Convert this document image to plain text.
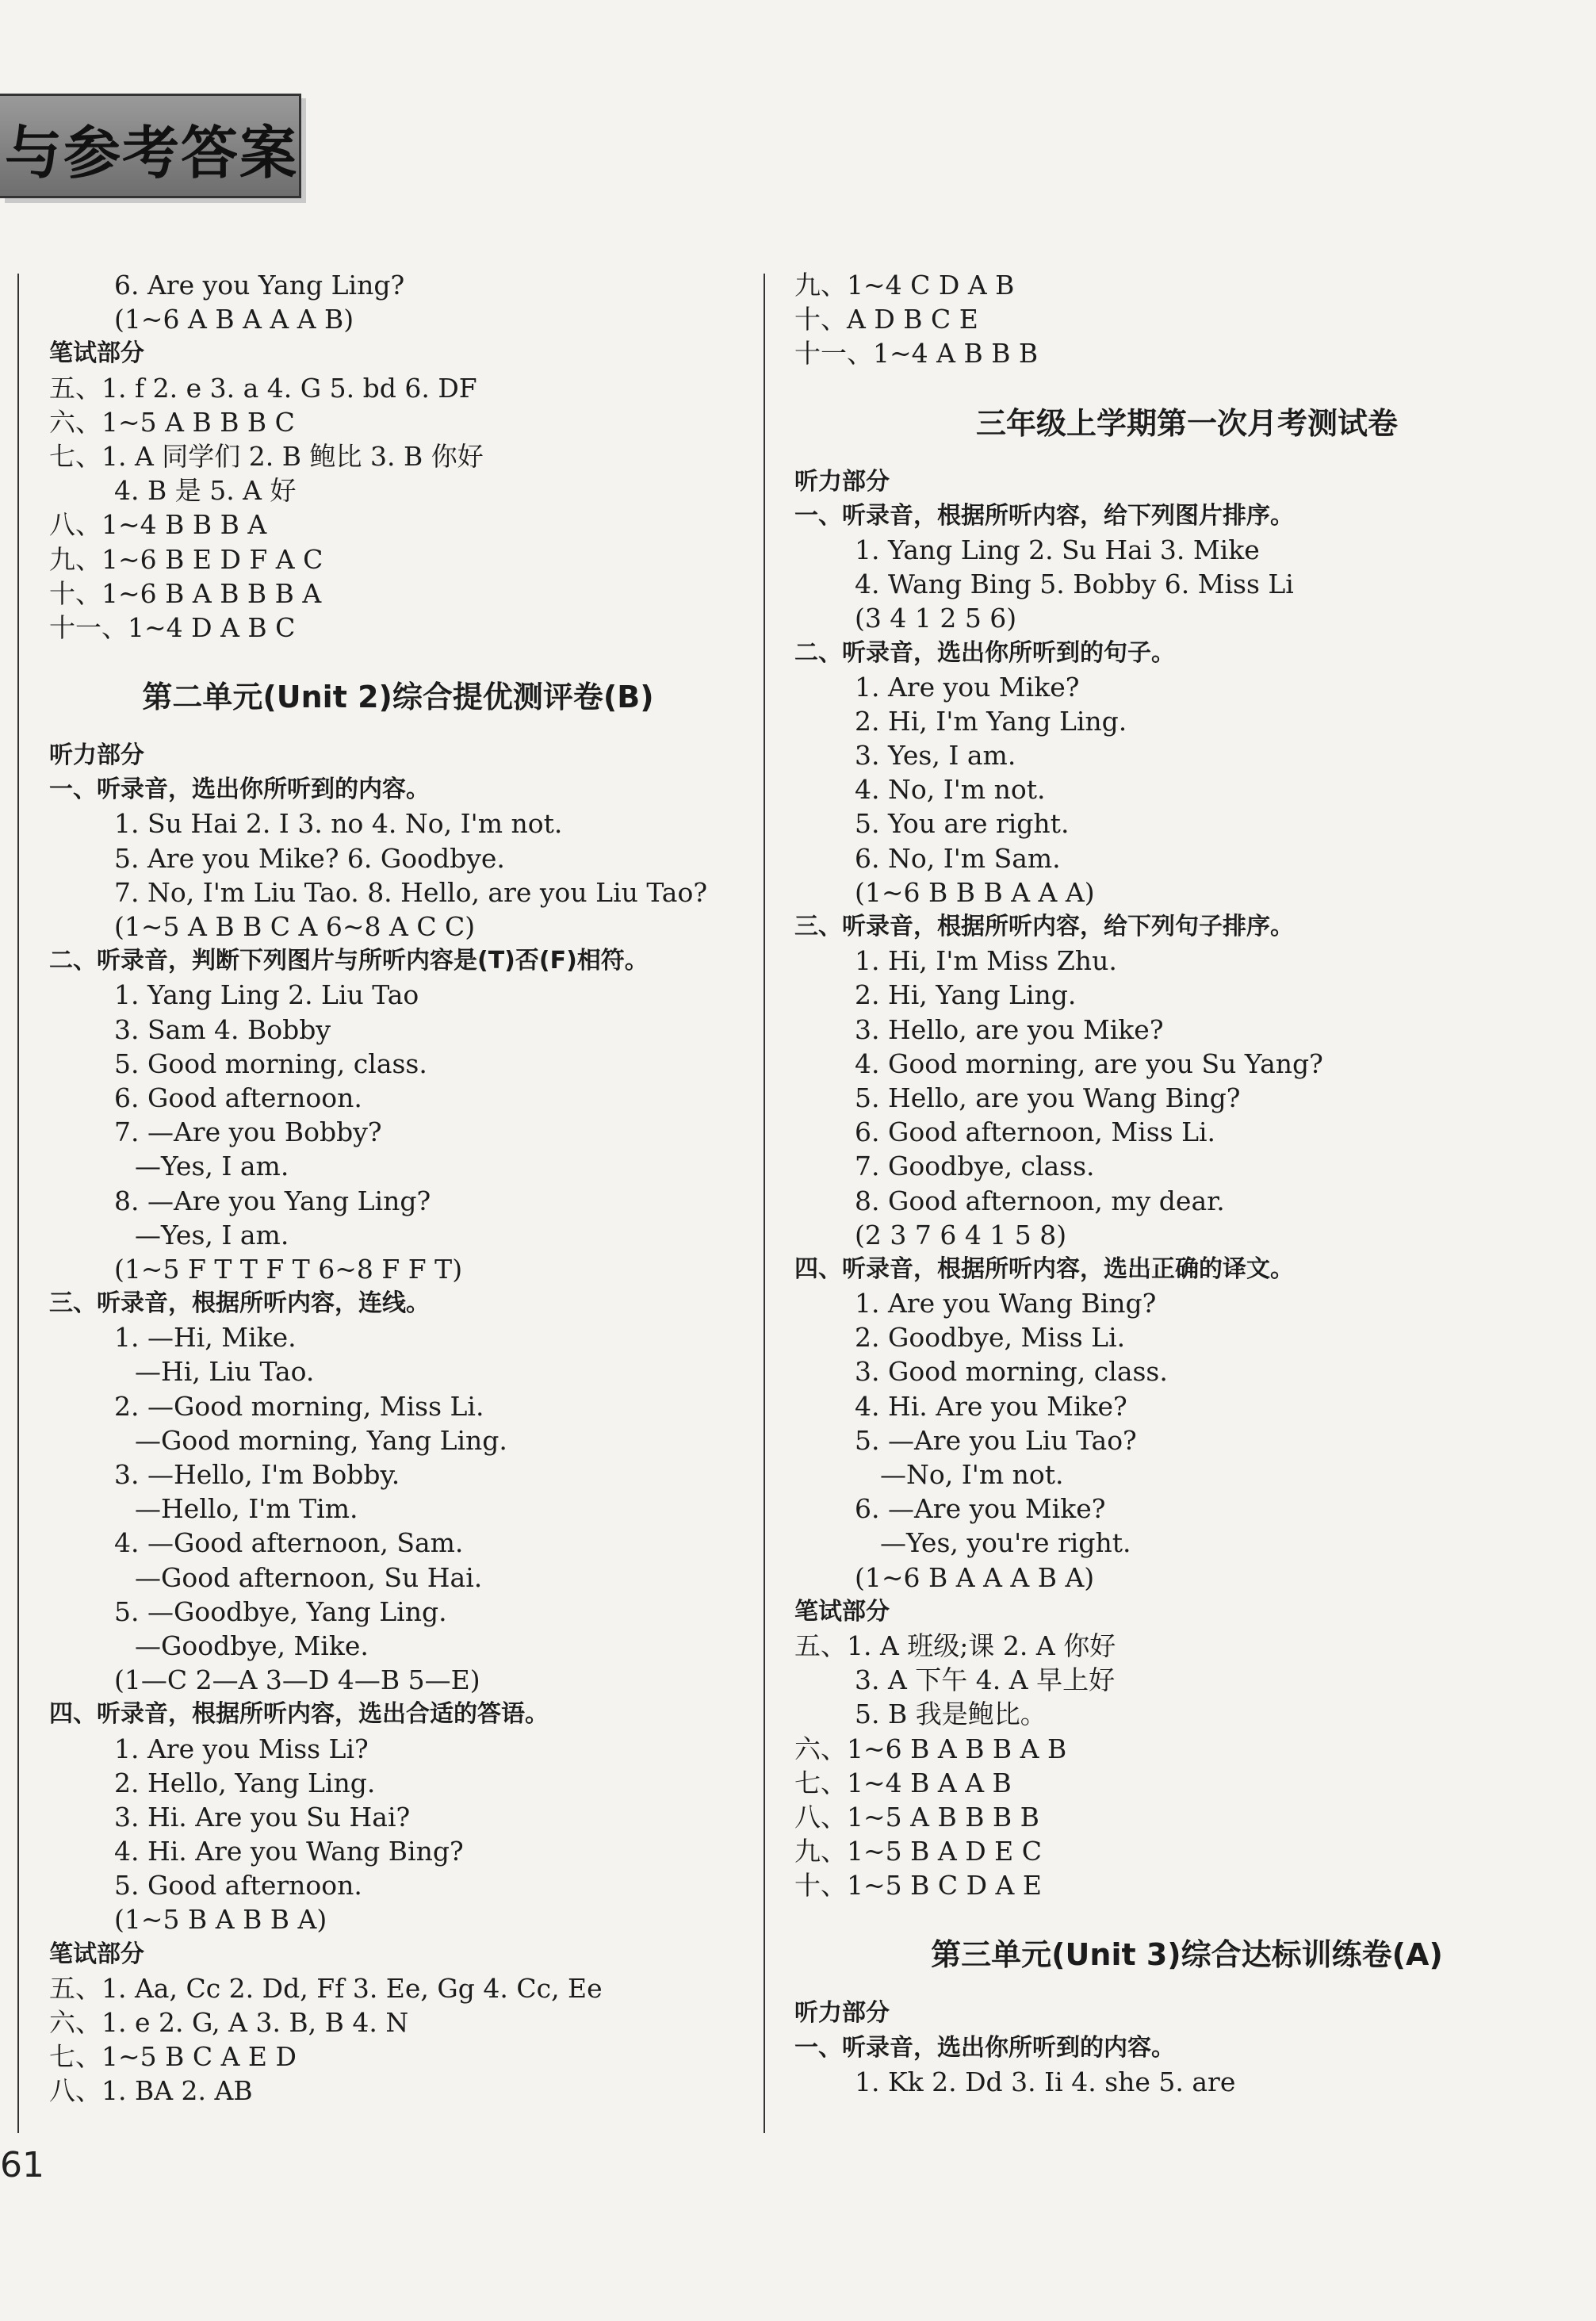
与参考答案
6. Are you Yang Ling?
(1~6 A B A A A B)
笔试部分
五、1. f 2. e 3. a 4. G 5. bd 6. DF
六、1~5 A B B B C
七、1. A 同学们 2. B 鲍比 3. B 你好
4. B 是 5. A 好
八、1~4 B B B A
九、1~6 B E D F A C
十、1~6 B A B B B A
十一、1~4 D A B C
第二单元(Unit 2)综合提优测评卷(B)
听力部分
一、听录音，选出你所听到的内容。
1. Su Hai 2. I 3. no 4. No, I'm not.
5. Are you Mike? 6. Goodbye.
7. No, I'm Liu Tao. 8. Hello, are you Liu Tao?
(1~5 A B B C A 6~8 A C C)
二、听录音，判断下列图片与所听内容是(T)否(F)相符。
1. Yang Ling 2. Liu Tao
3. Sam 4. Bobby
5. Good morning, class.
6. Good afternoon.
7. —Are you Bobby?
—Yes, I am.
8. —Are you Yang Ling?
—Yes, I am.
(1~5 F T T F T 6~8 F F T)
三、听录音，根据所听内容，连线。
1. —Hi, Mike.
—Hi, Liu Tao.
2. —Good morning, Miss Li.
—Good morning, Yang Ling.
3. —Hello, I'm Bobby.
—Hello, I'm Tim.
4. —Good afternoon, Sam.
—Good afternoon, Su Hai.
5. —Goodbye, Yang Ling.
—Goodbye, Mike.
(1—C 2—A 3—D 4—B 5—E)
四、听录音，根据所听内容，选出合适的答语。
1. Are you Miss Li?
2. Hello, Yang Ling.
3. Hi. Are you Su Hai?
4. Hi. Are you Wang Bing?
5. Good afternoon.
(1~5 B A B B A)
笔试部分
五、1. Aa, Cc 2. Dd, Ff 3. Ee, Gg 4. Cc, Ee
六、1. e 2. G, A 3. B, B 4. N
七、1~5 B C A E D
八、1. BA 2. AB
九、1~4 C D A B
十、A D B C E
十一、1~4 A B B B
三年级上学期第一次月考测试卷
听力部分
一、听录音，根据所听内容，给下列图片排序。
1. Yang Ling 2. Su Hai 3. Mike
4. Wang Bing 5. Bobby 6. Miss Li
(3 4 1 2 5 6)
二、听录音，选出你所听到的句子。
1. Are you Mike?
2. Hi, I'm Yang Ling.
3. Yes, I am.
4. No, I'm not.
5. You are right.
6. No, I'm Sam.
(1~6 B B B A A A)
三、听录音，根据所听内容，给下列句子排序。
1. Hi, I'm Miss Zhu.
2. Hi, Yang Ling.
3. Hello, are you Mike?
4. Good morning, are you Su Yang?
5. Hello, are you Wang Bing?
6. Good afternoon, Miss Li.
7. Goodbye, class.
8. Good afternoon, my dear.
(2 3 7 6 4 1 5 8)
四、听录音，根据所听内容，选出正确的译文。
1. Are you Wang Bing?
2. Goodbye, Miss Li.
3. Good morning, class.
4. Hi. Are you Mike?
5. —Are you Liu Tao?
—No, I'm not.
6. —Are you Mike?
—Yes, you're right.
(1~6 B A A A B A)
笔试部分
五、1. A 班级;课 2. A 你好
3. A 下午 4. A 早上好
5. B 我是鲍比。
六、1~6 B A B B A B
七、1~4 B A A B
八、1~5 A B B B B
九、1~5 B A D E C
十、1~5 B C D A E
第三单元(Unit 3)综合达标训练卷(A)
听力部分
一、听录音，选出你所听到的内容。
1. Kk 2. Dd 3. Ii 4. she 5. are
61
